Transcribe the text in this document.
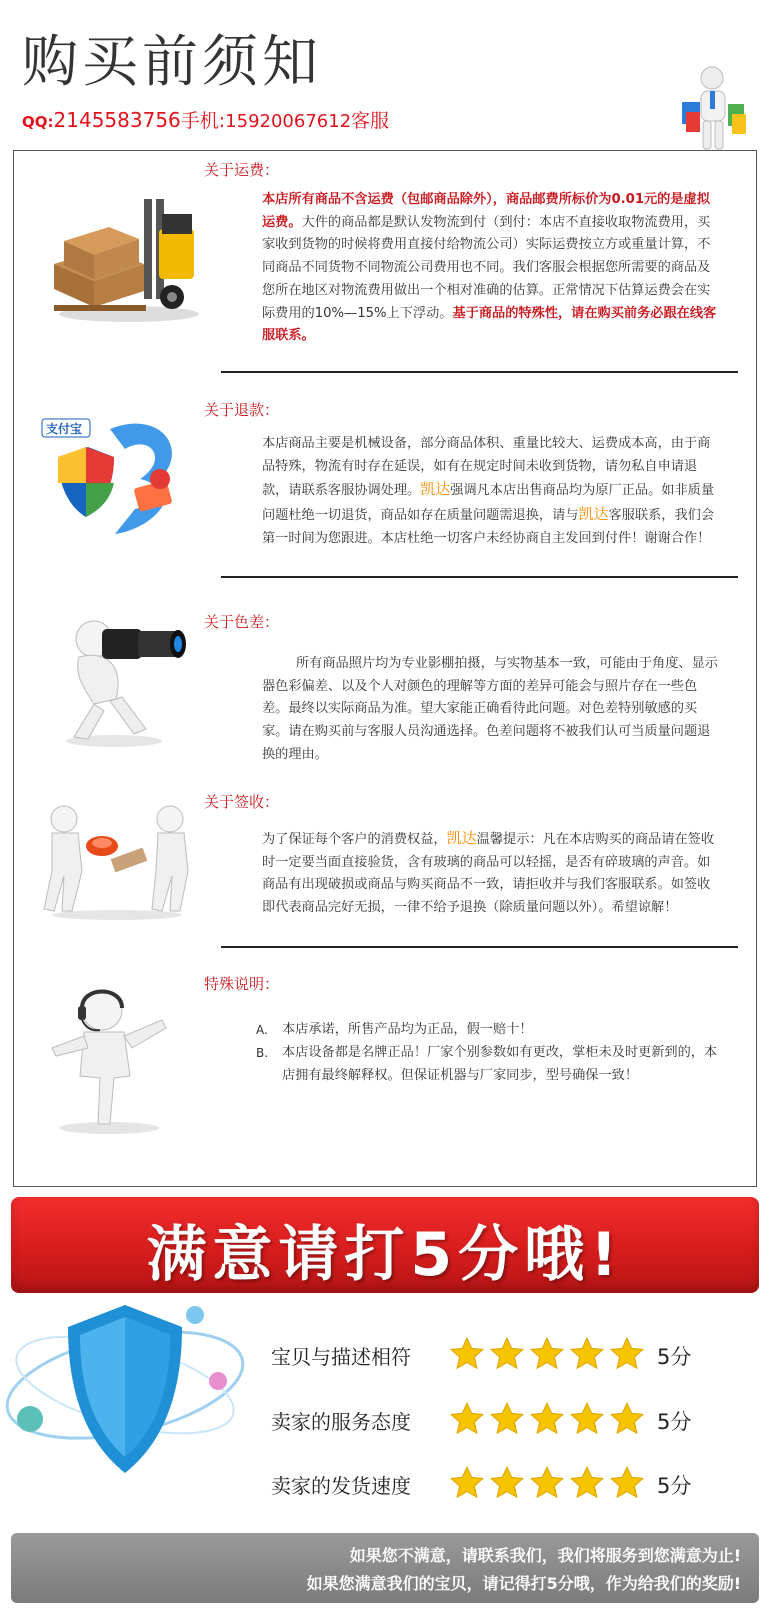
购买前须知
QQ:2145583756手机:15920067612客服
关于运费：
本店所有商品不含运费（包邮商品除外），商品邮费所标价为0.01元的是虚拟运费。大件的商品都是默认发物流到付（到付：本店不直接收取物流费用，买家收到货物的时候将费用直接付给物流公司）实际运费按立方或重量计算，不同商品不同货物不同物流公司费用也不同。我们客服会根据您所需要的商品及您所在地区对物流费用做出一个相对准确的估算。正常情况下估算运费会在实际费用的10%—15%上下浮动。基于商品的特殊性，请在购买前务必跟在线客服联系。
支付宝
关于退款：
本店商品主要是机械设备，部分商品体积、重量比较大、运费成本高，由于商品特殊，物流有时存在延误，如有在规定时间未收到货物，请勿私自申请退款，请联系客服协调处理。凯达强调凡本店出售商品均为原厂正品。如非质量问题杜绝一切退货，商品如存在质量问题需退换，请与凯达客服联系，我们会第一时间为您跟进。本店杜绝一切客户未经协商自主发回到付件！谢谢合作！
关于色差：
所有商品照片均为专业影棚拍摄，与实物基本一致，可能由于角度、显示器色彩偏差、以及个人对颜色的理解等方面的差异可能会与照片存在一些色差。最终以实际商品为准。望大家能正确看待此问题。对色差特别敏感的买家。请在购买前与客服人员沟通选择。色差问题将不被我们认可当质量问题退换的理由。
关于签收：
为了保证每个客户的消费权益，凯达温馨提示：凡在本店购买的商品请在签收时一定要当面直接验货，含有玻璃的商品可以轻摇，是否有碎玻璃的声音。如商品有出现破损或商品与购买商品不一致，请拒收并与我们客服联系。如签收即代表商品完好无损，一律不给予退换（除质量问题以外）。希望谅解！
特殊说明：
A.	本店承诺，所售产品均为正品，假一赔十！
B.	本店设备都是名牌正品！厂家个别参数如有更改，掌柜未及时更新到的，本店拥有最终解释权。但保证机器与厂家同步，型号确保一致！
满意请打5分哦!
宝贝与描述相符	5分
卖家的服务态度	5分
卖家的发货速度	5分
如果您不满意，请联系我们，我们将服务到您满意为止!
如果您满意我们的宝贝，请记得打5分哦，作为给我们的奖励!
